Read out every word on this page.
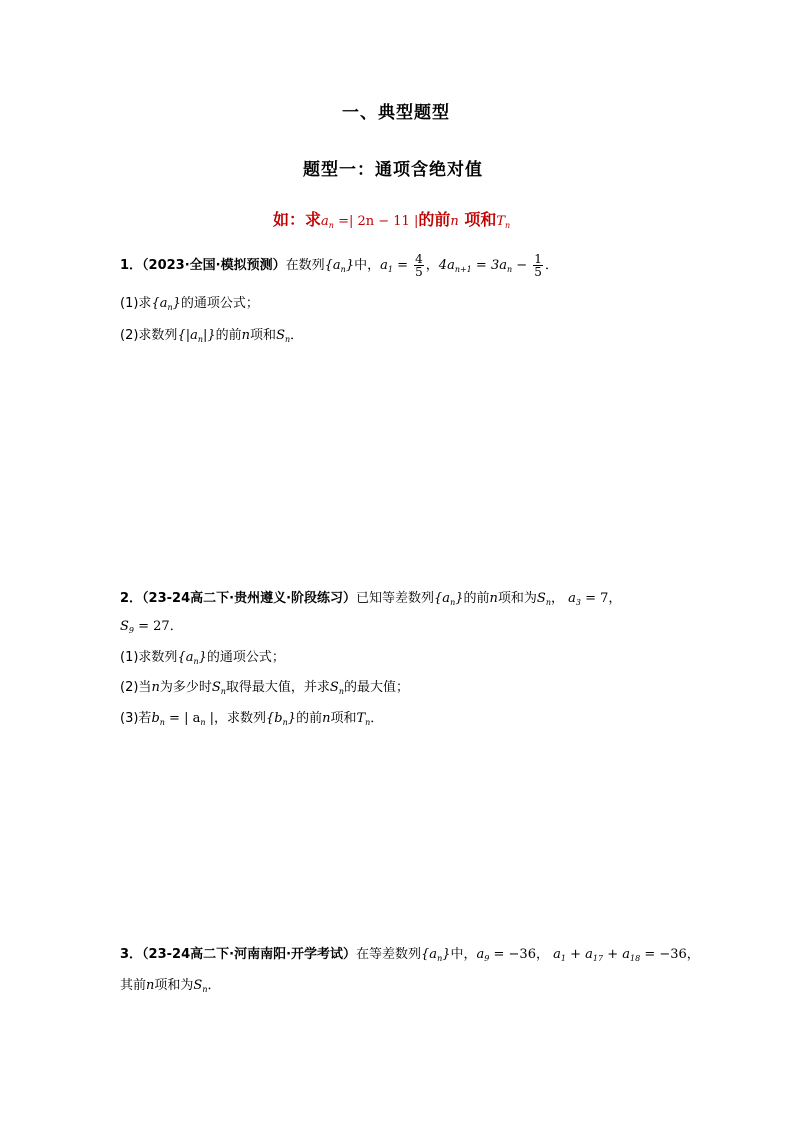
一、典型题型
题型一：通项含绝对值
如：求$a_n$ =| 2n − 11 |的前n 项和$T_n$
1．（2023·全国·模拟预测）在数列$\{a_n\}$中，$a_1 = \frac{4}{5}$ ，$4a_{n+1} = 3a_n - \frac{1}{5}$ ．
(1)求$\{a_n\}$的通项公式；
(2)求数列$\{|a_n|\}$的前n项和$S_n$．
2．（23-24高二下·贵州遵义·阶段练习）已知等差数列$\{a_n\}$的前n项和为$S_n$， $a_3 = 7$，
$S_9 = 27$．
(1)求数列$\{a_n\}$的通项公式；
(2)当n为多少时$S_n$取得最大值，并求$S_n$的最大值；
(3)若$b_n$ = | $a_n$ |，求数列$\{b_n\}$的前n项和$T_n$．
3．（23-24高二下·河南南阳·开学考试）在等差数列$\{a_n\}$中，$a_9 = -36$， $a_1 + a_{17} + a_{18} = -36$，
其前n项和为$S_n$．
